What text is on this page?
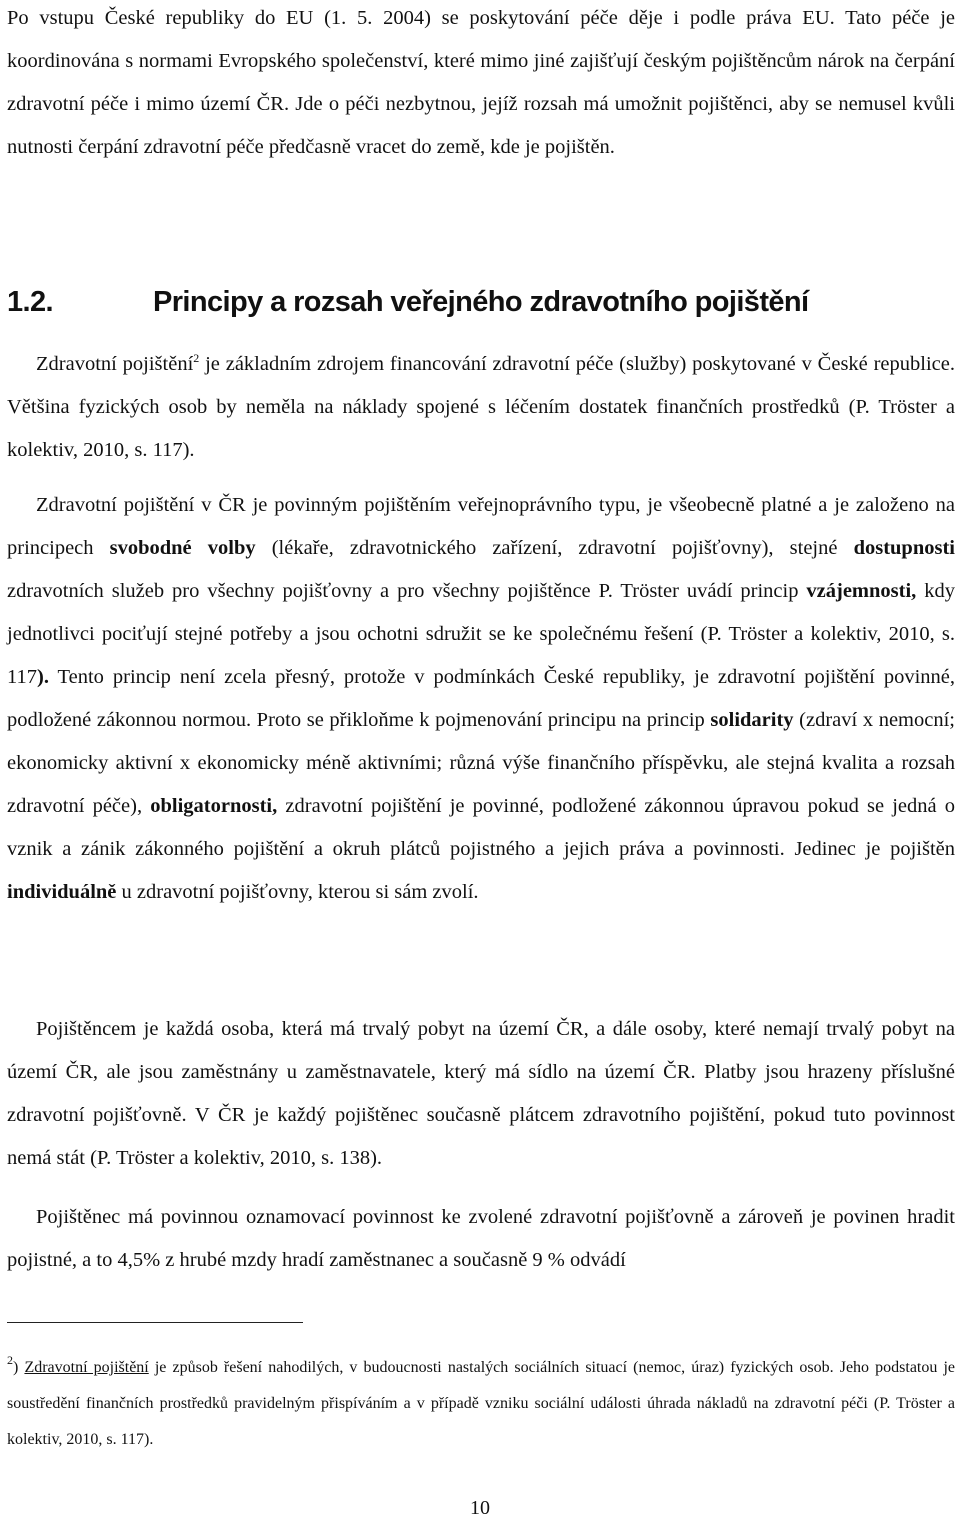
Po vstupu České republiky do EU (1. 5. 2004) se poskytování péče děje i podle práva EU. Tato péče je koordinována s normami Evropského společenství, které mimo jiné zajišťují českým pojištěncům nárok na čerpání zdravotní péče i mimo území ČR. Jde o péči nezbytnou, jejíž rozsah má umožnit pojištěnci, aby se nemusel kvůli nutnosti čerpání zdravotní péče předčasně vracet do země, kde je pojištěn.

1.2.	Principy a rozsah veřejného zdravotního pojištění

Zdravotní pojištění$^2$ je základním zdrojem financování zdravotní péče (služby) poskytované v České republice. Většina fyzických osob by neměla na náklady spojené s léčením dostatek finančních prostředků (P. Tröster a kolektiv, 2010, s. 117).

Zdravotní pojištění v ČR je povinným pojištěním veřejnoprávního typu, je všeobecně platné a je založeno na principech svobodné volby (lékaře, zdravotnického zařízení, zdravotní pojišťovny), stejné dostupnosti zdravotních služeb pro všechny pojišťovny a pro všechny pojištěnce P. Tröster uvádí princip vzájemnosti, kdy jednotlivci pociťují stejné potřeby a jsou ochotni sdružit se ke společnému řešení (P. Tröster a kolektiv, 2010, s. 117). Tento princip není zcela přesný, protože v podmínkách České republiky, je zdravotní pojištění povinné, podložené zákonnou normou. Proto se přikloňme k pojmenování principu na princip solidarity (zdraví x nemocní; ekonomicky aktivní x ekonomicky méně aktivními; různá výše finančního příspěvku, ale stejná kvalita a rozsah zdravotní péče), obligatornosti, zdravotní pojištění je povinné, podložené zákonnou úpravou pokud se jedná o vznik a zánik zákonného pojištění a okruh plátců pojistného a jejich práva a povinnosti. Jedinec je pojištěn individuálně u zdravotní pojišťovny, kterou si sám zvolí.

Pojištěncem je každá osoba, která má trvalý pobyt na území ČR, a dále osoby, které nemají trvalý pobyt na území ČR, ale jsou zaměstnány u zaměstnavatele, který má sídlo na území ČR. Platby jsou hrazeny příslušné zdravotní pojišťovně. V ČR je každý pojištěnec současně plátcem zdravotního pojištění, pokud tuto povinnost nemá stát (P. Tröster a kolektiv, 2010, s. 138).

Pojištěnec má povinnou oznamovací povinnost ke zvolené zdravotní pojišťovně a zároveň je povinen hradit pojistné, a to 4,5% z hrubé mzdy hradí zaměstnanec a současně 9 % odvádí

$^2$) Zdravotní pojištění je způsob řešení nahodilých, v budoucnosti nastalých sociálních situací (nemoc, úraz) fyzických osob. Jeho podstatou je soustředění finančních prostředků pravidelným přispíváním a v případě vzniku sociální události úhrada nákladů na zdravotní péči (P. Tröster a kolektiv, 2010, s. 117).

10
